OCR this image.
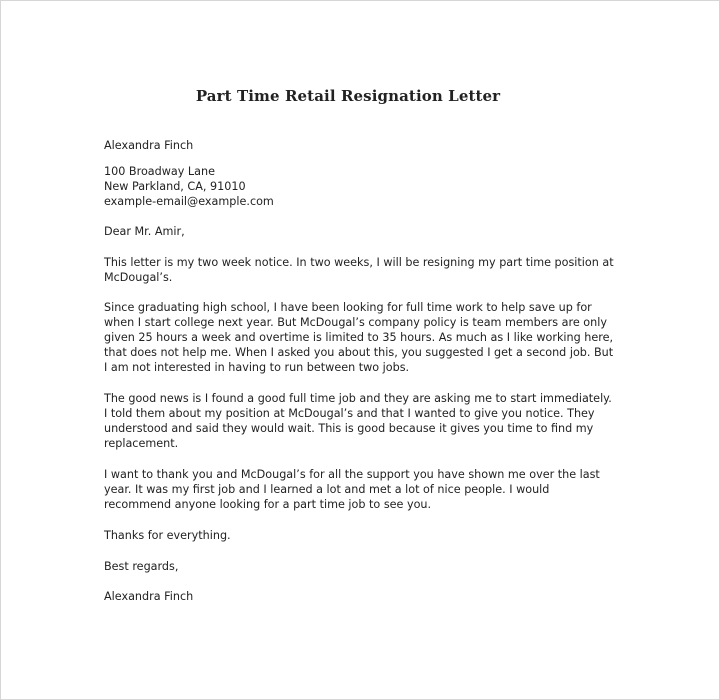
Part Time Retail Resignation Letter
Alexandra Finch
100 Broadway Lane
New Parkland, CA, 91010
example-email@example.com
Dear Mr. Amir,
This letter is my two week notice. In two weeks, I will be resigning my part time position at
McDougal’s.
Since graduating high school, I have been looking for full time work to help save up for
when I start college next year. But McDougal’s company policy is team members are only
given 25 hours a week and overtime is limited to 35 hours. As much as I like working here,
that does not help me. When I asked you about this, you suggested I get a second job. But
I am not interested in having to run between two jobs.
The good news is I found a good full time job and they are asking me to start immediately.
I told them about my position at McDougal’s and that I wanted to give you notice. They
understood and said they would wait. This is good because it gives you time to find my
replacement.
I want to thank you and McDougal’s for all the support you have shown me over the last
year. It was my first job and I learned a lot and met a lot of nice people. I would
recommend anyone looking for a part time job to see you.
Thanks for everything.
Best regards,
Alexandra Finch
